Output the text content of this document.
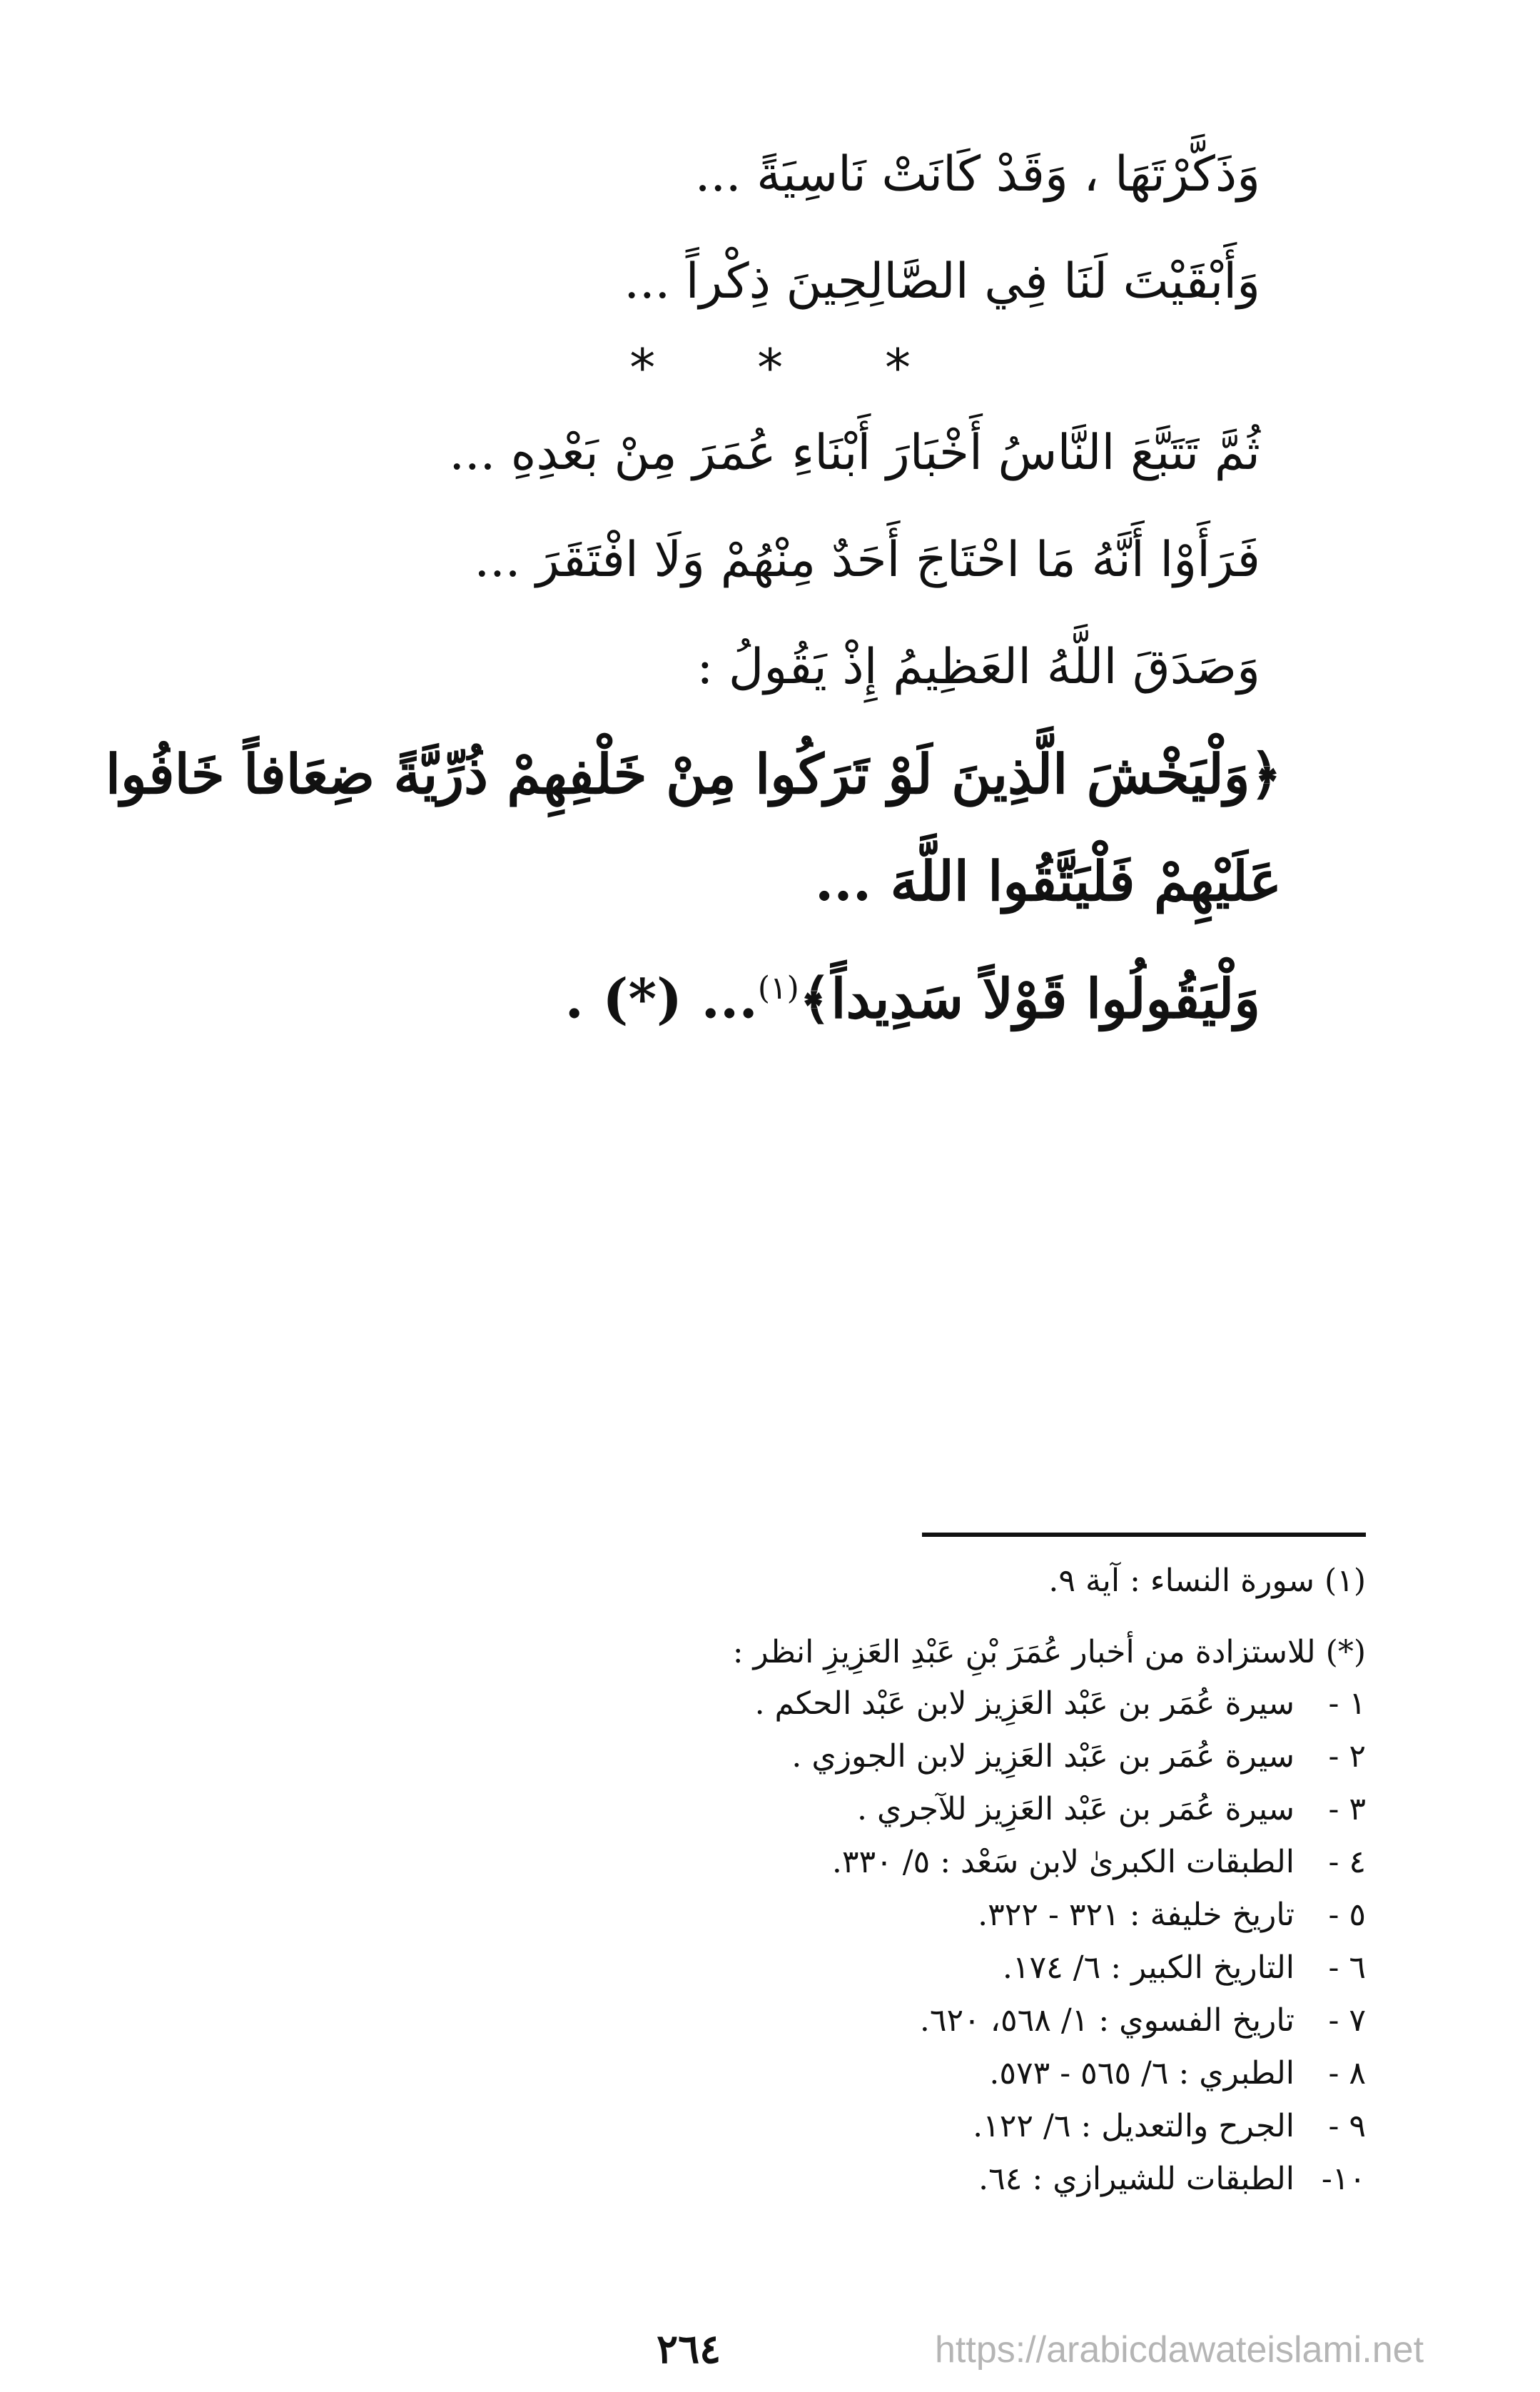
وَذَكَّرْتَهَا ، وَقَدْ كَانَتْ نَاسِيَةً ...
وَأَبْقَيْتَ لَنَا فِي الصَّالِحِينَ ذِكْراً ...
* * *
ثُمَّ تَتَبَّعَ النَّاسُ أَخْبَارَ أَبْنَاءِ عُمَرَ مِنْ بَعْدِهِ ...
فَرَأَوْا أَنَّهُ مَا احْتَاجَ أَحَدٌ مِنْهُمْ وَلَا افْتَقَرَ ...
وَصَدَقَ اللَّهُ العَظِيمُ إِذْ يَقُولُ :
﴿وَلْيَخْشَ الَّذِينَ لَوْ تَرَكُوا مِنْ خَلْفِهِمْ ذُرِّيَّةً ضِعَافاً خَافُوا عَلَيْهِمْ فَلْيَتَّقُوا اللَّهَ ...
وَلْيَقُولُوا قَوْلاً سَدِيداً﴾$^{(١)}$... (*) .
(١) سورة النساء : آية ٩.
(*) للاستزادة من أخبار عُمَرَ بْنِ عَبْدِ العَزِيزِ انظر :
١ -سيرة عُمَر بن عَبْد العَزِيز لابن عَبْد الحكم .
٢ -سيرة عُمَر بن عَبْد العَزِيز لابن الجوزي .
٣ -سيرة عُمَر بن عَبْد العَزِيز للآجري .
٤ -الطبقات الكبرىٰ لابن سَعْد : ٥/ ٣٣٠.
٥ -تاريخ خليفة : ٣٢١ - ٣٢٢.
٦ -التاريخ الكبير : ٦/ ١٧٤.
٧ -تاريخ الفسوي : ١/ ٥٦٨، ٦٢٠.
٨ -الطبري : ٦/ ٥٦٥ - ٥٧٣.
٩ -الجرح والتعديل : ٦/ ١٢٢.
١٠-الطبقات للشيرازي : ٦٤.
٢٦٤	https://arabicdawateislami.net
